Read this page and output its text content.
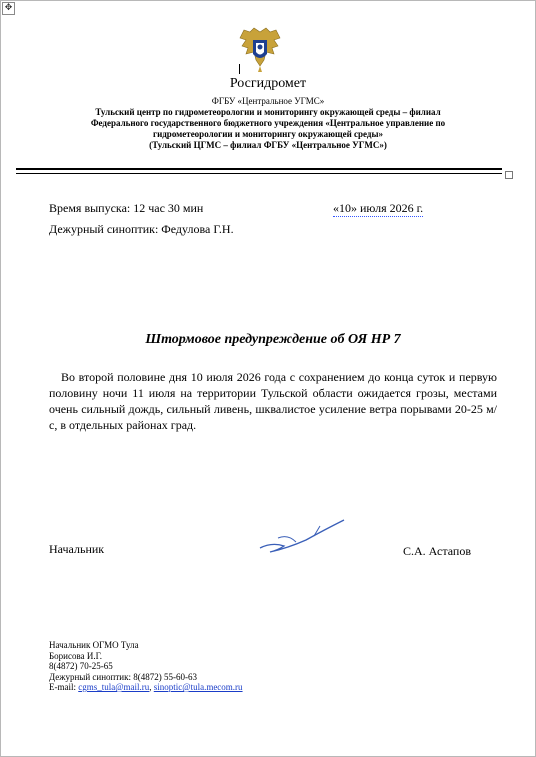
✥
Росгидромет
ФГБУ «Центральное УГМС»
Тульский центр по гидрометеорологии и мониторингу окружающей среды – филиал
Федерального государственного бюджетного учреждения «Центральное управление по
гидрометеорологии и мониторингу окружающей среды»
(Тульский ЦГМС – филиал ФГБУ «Центральное УГМС»)
Время выпуска: 12 час 30 мин	«10» июля 2026 г.
Дежурный синоптик: Федулова Г.Н.
Штормовое предупреждение об ОЯ НР 7
Во второй половине дня 10 июля 2026 года с сохранением до конца суток и первую половину ночи 11 июля на территории Тульской области ожидается грозы, местами очень сильный дождь, сильный ливень, шквалистое усиление ветра порывами 20-25 м/с, в отдельных районах град.
Начальник	С.А. Астапов
Начальник ОГМО Тула
Борисова И.Г.
8(4872) 70-25-65
Дежурный синоптик: 8(4872) 55-60-63
E-mail: cgms_tula@mail.ru, sinoptic@tula.mecom.ru
